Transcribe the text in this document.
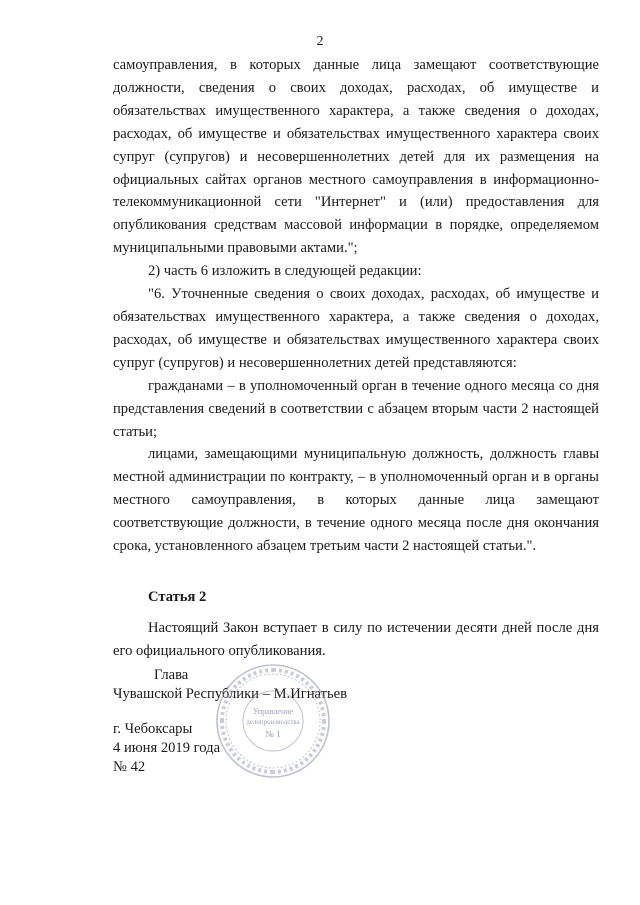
2

самоуправления, в которых данные лица замещают соответствующие должности, сведения о своих доходах, расходах, об имуществе и обязательствах имущественного характера, а также сведения о доходах, расходах, об имуществе и обязательствах имущественного характера своих супруг (супругов) и несовершеннолетних детей для их размещения на официальных сайтах органов местного самоуправления в информационно-телекоммуникационной сети "Интернет" и (или) предоставления для опубликования средствам массовой информации в порядке, определяемом муниципальными правовыми актами.";

2) часть 6 изложить в следующей редакции:

"6. Уточненные сведения о своих доходах, расходах, об имуществе и обязательствах имущественного характера, а также сведения о доходах, расходах, об имуществе и обязательствах имущественного характера своих супруг (супругов) и несовершеннолетних детей представляются:

гражданами – в уполномоченный орган в течение одного месяца со дня представления сведений в соответствии с абзацем вторым части 2 настоящей статьи;

лицами, замещающими муниципальную должность, должность главы местной администрации по контракту, – в уполномоченный орган и в органы местного самоуправления, в которых данные лица замещают соответствующие должности, в течение одного месяца после дня окончания срока, установленного абзацем третьим части 2 настоящей статьи.".

Статья 2

Настоящий Закон вступает в силу по истечении десяти дней после дня его официального опубликования.

Глава
Чувашской Республики – М.Игнатьев
г. Чебоксары
4 июня 2019 года
№ 42
Управление
делопроизводства
№ 1
